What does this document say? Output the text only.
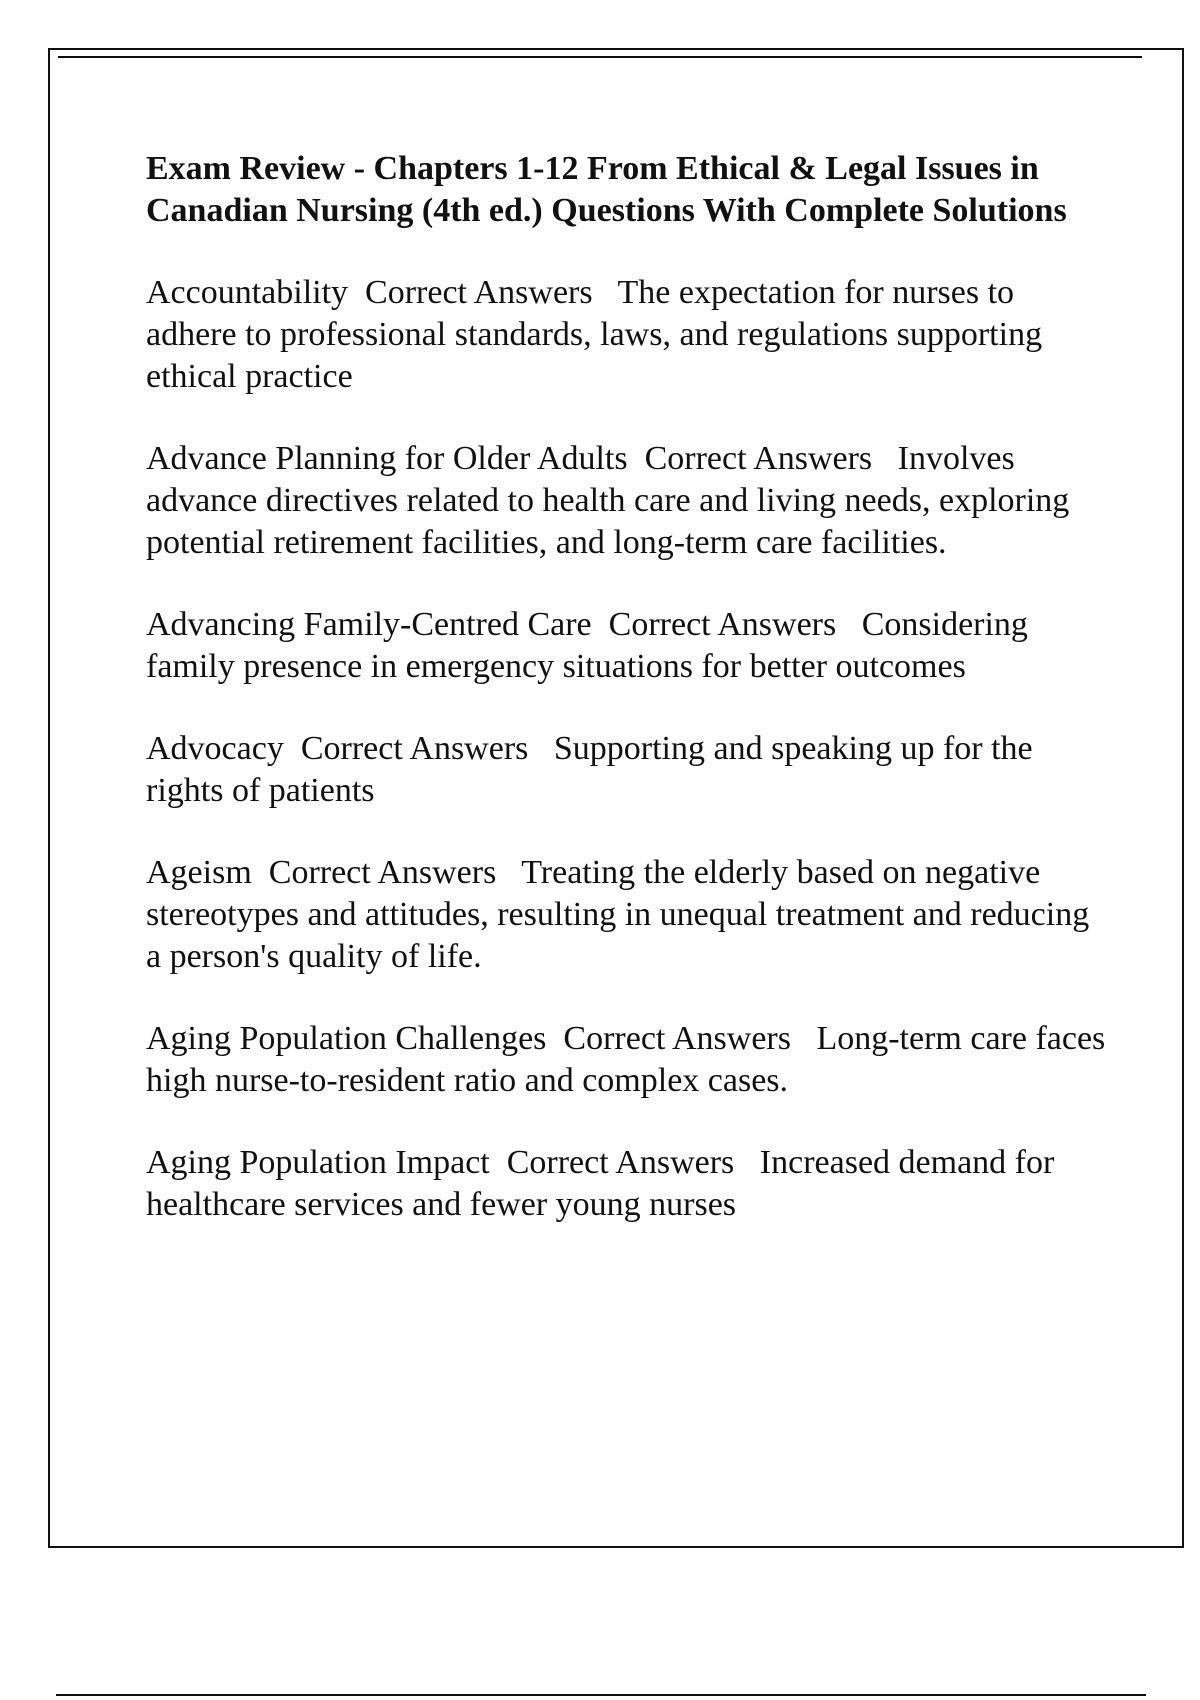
Exam Review - Chapters 1-12 From Ethical & Legal Issues in Canadian Nursing (4th ed.) Questions With Complete Solutions

Accountability  Correct Answers   The expectation for nurses to adhere to professional standards, laws, and regulations supporting ethical practice

Advance Planning for Older Adults  Correct Answers   Involves advance directives related to health care and living needs, exploring potential retirement facilities, and long-term care facilities.

Advancing Family-Centred Care  Correct Answers   Considering family presence in emergency situations for better outcomes

Advocacy  Correct Answers   Supporting and speaking up for the rights of patients

Ageism  Correct Answers   Treating the elderly based on negative stereotypes and attitudes, resulting in unequal treatment and reducing a person's quality of life.

Aging Population Challenges  Correct Answers   Long-term care faces high nurse-to-resident ratio and complex cases.

Aging Population Impact  Correct Answers   Increased demand for healthcare services and fewer young nurses
